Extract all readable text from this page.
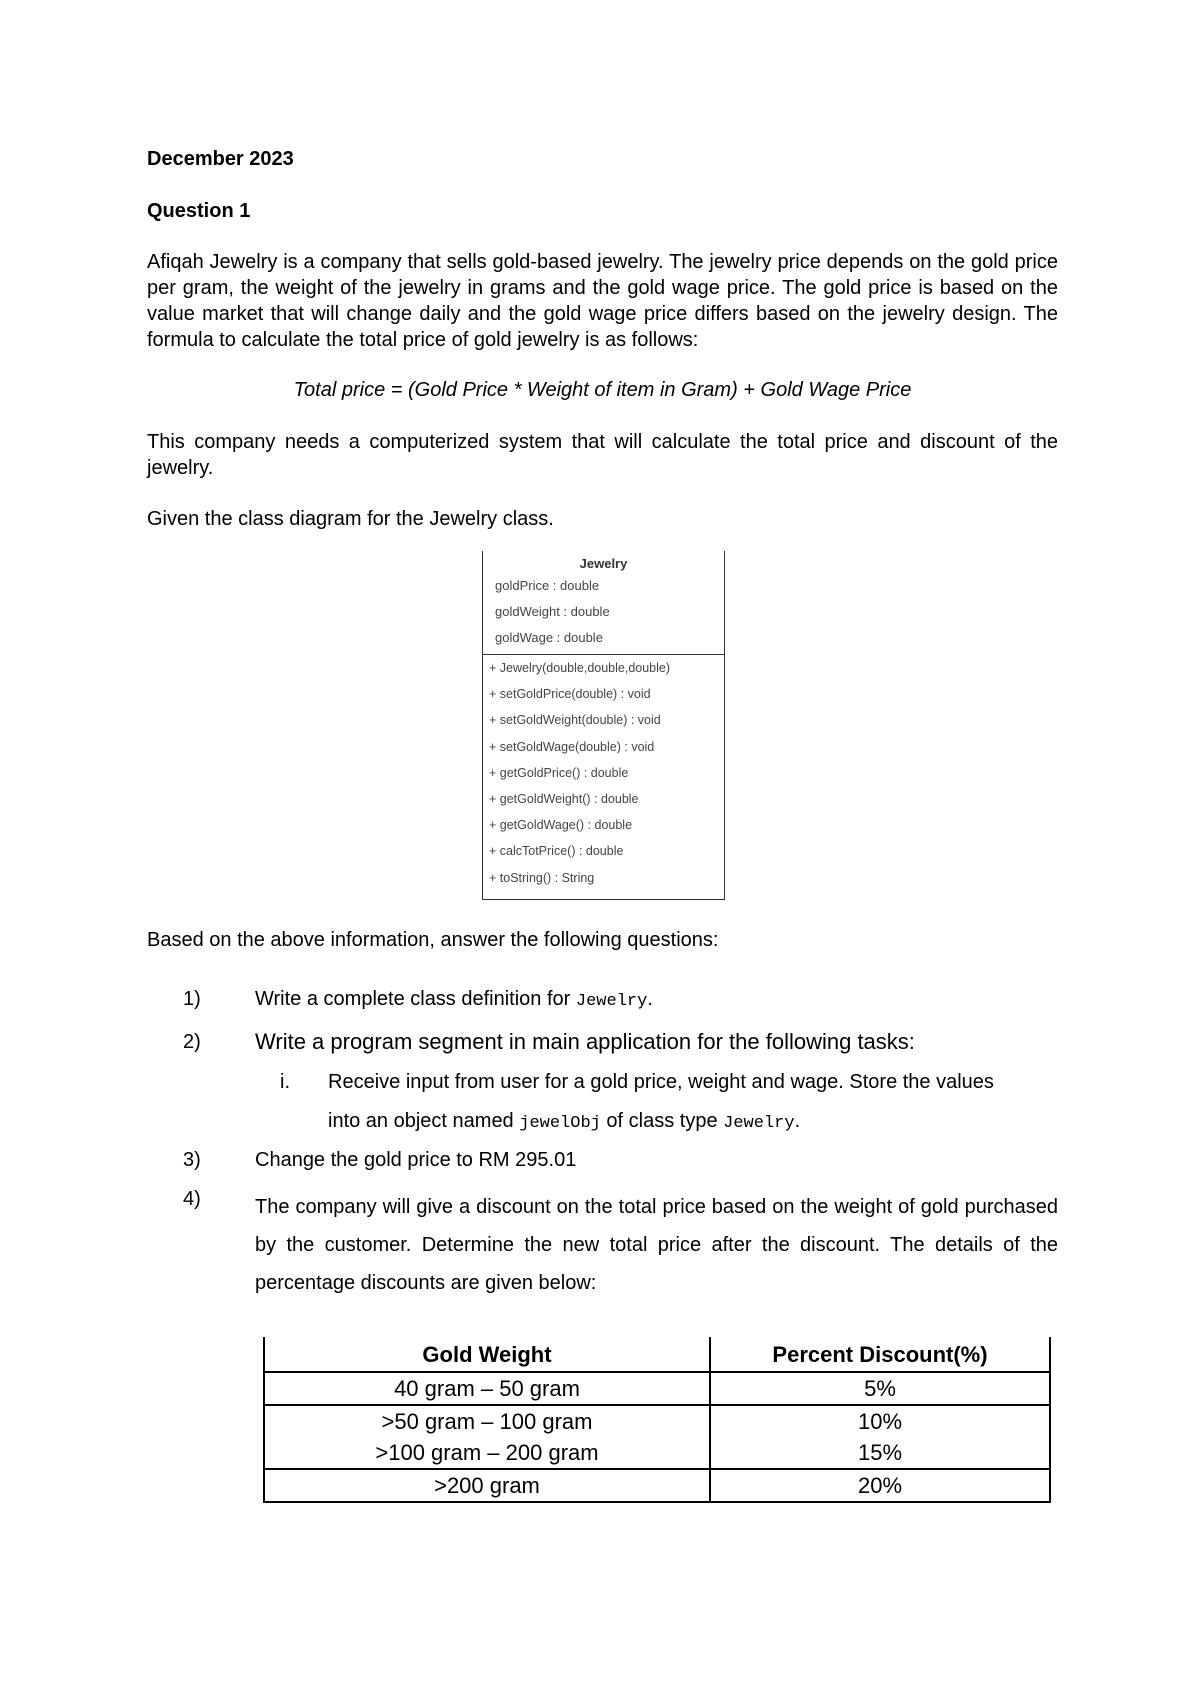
December 2023
Question 1
Afiqah Jewelry is a company that sells gold-based jewelry. The jewelry price depends on the gold price per gram, the weight of the jewelry in grams and the gold wage price. The gold price is based on the value market that will change daily and the gold wage price differs based on the jewelry design. The formula to calculate the total price of gold jewelry is as follows:
Total price = (Gold Price * Weight of item in Gram) + Gold Wage Price
This company needs a computerized system that will calculate the total price and discount of the jewelry.
Given the class diagram for the Jewelry class.
Jewelry
goldPrice : double
goldWeight : double
goldWage : double
+ Jewelry(double,double,double)
+ setGoldPrice(double) : void
+ setGoldWeight(double) : void
+ setGoldWage(double) : void
+ getGoldPrice() : double
+ getGoldWeight() : double
+ getGoldWage() : double
+ calcTotPrice() : double
+ toString() : String
Based on the above information, answer the following questions:
1)	Write a complete class definition for Jewelry.
2) Write a program segment in main application for the following tasks:
i. Receive input from user for a gold price, weight and wage. Store the values
into an object named jewelObj of class type Jewelry.
3)	Change the gold price to RM 295.01
4)	The company will give a discount on the total price based on the weight of gold purchased by the customer. Determine the new total price after the discount. The details of the percentage discounts are given below:
Gold Weight	Percent Discount(%)
40 gram – 50 gram	5%
>50 gram – 100 gram	10%
>100 gram – 200 gram	15%
>200 gram	20%
